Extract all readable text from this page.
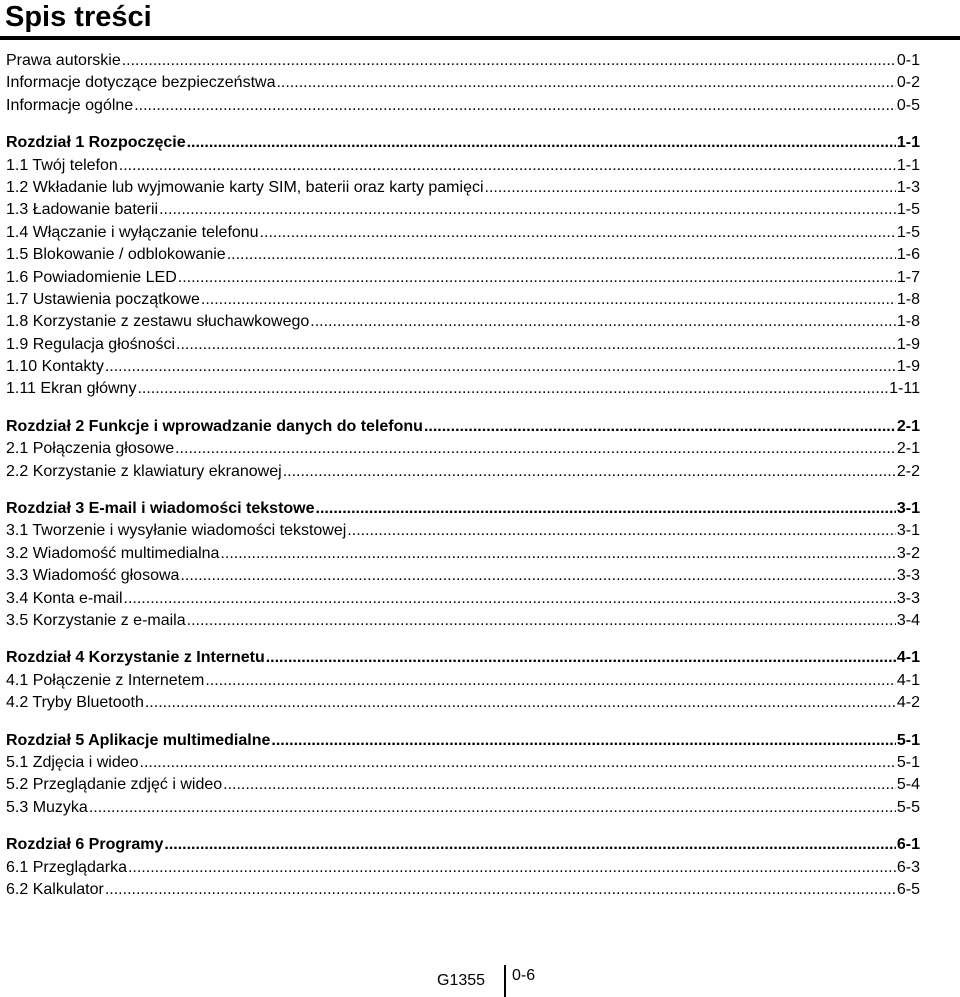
Spis treści
Prawa autorskie .....	0-1
Informacje dotyczące bezpieczeństwa .....	0-2
Informacje ogólne .....	0-5
Rozdział 1 Rozpoczęcie .....	1-1
1.1 Twój telefon .....	1-1
1.2 Wkładanie lub wyjmowanie karty SIM, baterii oraz karty pamięci .....	1-3
1.3 Ładowanie baterii .....	1-5
1.4 Włączanie i wyłączanie telefonu .....	1-5
1.5 Blokowanie / odblokowanie .....	1-6
1.6 Powiadomienie LED .....	1-7
1.7 Ustawienia początkowe .....	1-8
1.8 Korzystanie z zestawu słuchawkowego .....	1-8
1.9 Regulacja głośności .....	1-9
1.10 Kontakty .....	1-9
1.11 Ekran główny .....	1-11
Rozdział 2 Funkcje i wprowadzanie danych do telefonu .....	2-1
2.1 Połączenia głosowe .....	2-1
2.2 Korzystanie z klawiatury ekranowej .....	2-2
Rozdział 3 E-mail i wiadomości tekstowe .....	3-1
3.1 Tworzenie i wysyłanie wiadomości tekstowej .....	3-1
3.2 Wiadomość multimedialna .....	3-2
3.3 Wiadomość głosowa .....	3-3
3.4 Konta e-mail .....	3-3
3.5 Korzystanie z e-maila .....	3-4
Rozdział 4 Korzystanie z Internetu .....	4-1
4.1 Połączenie z Internetem .....	4-1
4.2 Tryby Bluetooth .....	4-2
Rozdział 5 Aplikacje multimedialne .....	5-1
5.1 Zdjęcia i wideo .....	5-1
5.2 Przeglądanie zdjęć i wideo .....	5-4
5.3 Muzyka .....	5-5
Rozdział 6 Programy .....	6-1
6.1 Przeglądarka .....	6-3
6.2 Kalkulator .....	6-5
G1355 0-6
